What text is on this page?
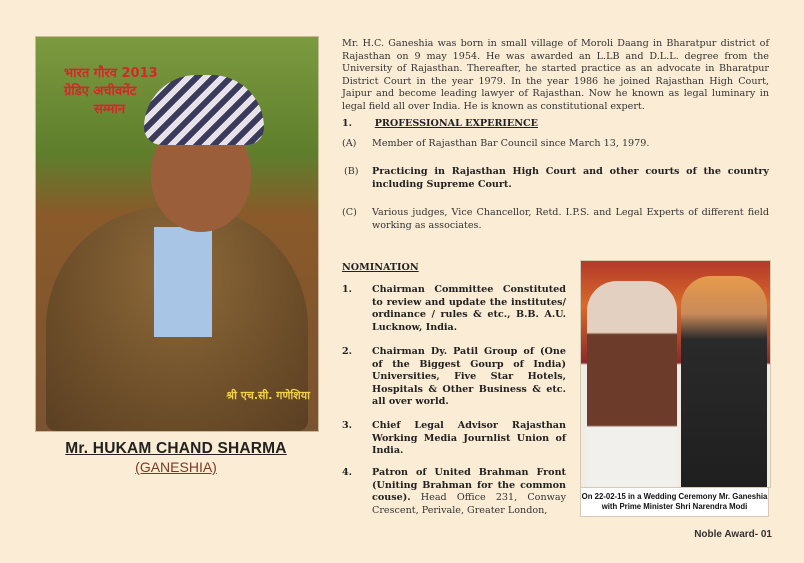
भारत गौरव 2013
ग्रेडिए अचीवमेंट
सम्मान
श्री एच.सी. गणेशिया
Mr. HUKAM CHAND SHARMA
(GANESHIA)
Mr. H.C. Ganeshia was born in small village of Moroli Daang in Bharatpur district of Rajasthan on 9 may 1954. He was awarded an L.LB and D.L.L. degree from the University of Rajasthan. Thereafter, he started practice as an advocate in Bharatpur District Court in the year 1979. In the year 1986 he joined Rajasthan High Court, Jaipur and become leading lawyer of Rajasthan. Now he known as legal luminary in legal field all over India. He is known as constitutional expert.
1. PROFESSIONAL EXPERIENCE
(A) Member of Rajasthan Bar Council since March 13, 1979.
(B) Practicing in Rajasthan High Court and other courts of the country including Supreme Court.
(C) Various judges, Vice Chancellor, Retd. I.P.S. and Legal Experts of different field working as associates.
NOMINATION
1. Chairman Committee Constituted to review and update the institutes/ ordinance / rules & etc., B.B. A.U. Lucknow, India.
2. Chairman Dy. Patil Group of (One of the Biggest Gourp of India) Universities, Five Star Hotels, Hospitals & Other Business & etc. all over world.
3. Chief Legal Advisor Rajasthan Working Media Journlist Union of India.
4. Patron of United Brahman Front (Uniting Brahman for the common couse). Head Office 231, Conway Crescent, Perivale, Greater London,
On 22-02-15 in a Wedding Ceremony Mr. Ganeshia with Prime Minister Shri Narendra Modi
Noble Award- 01
